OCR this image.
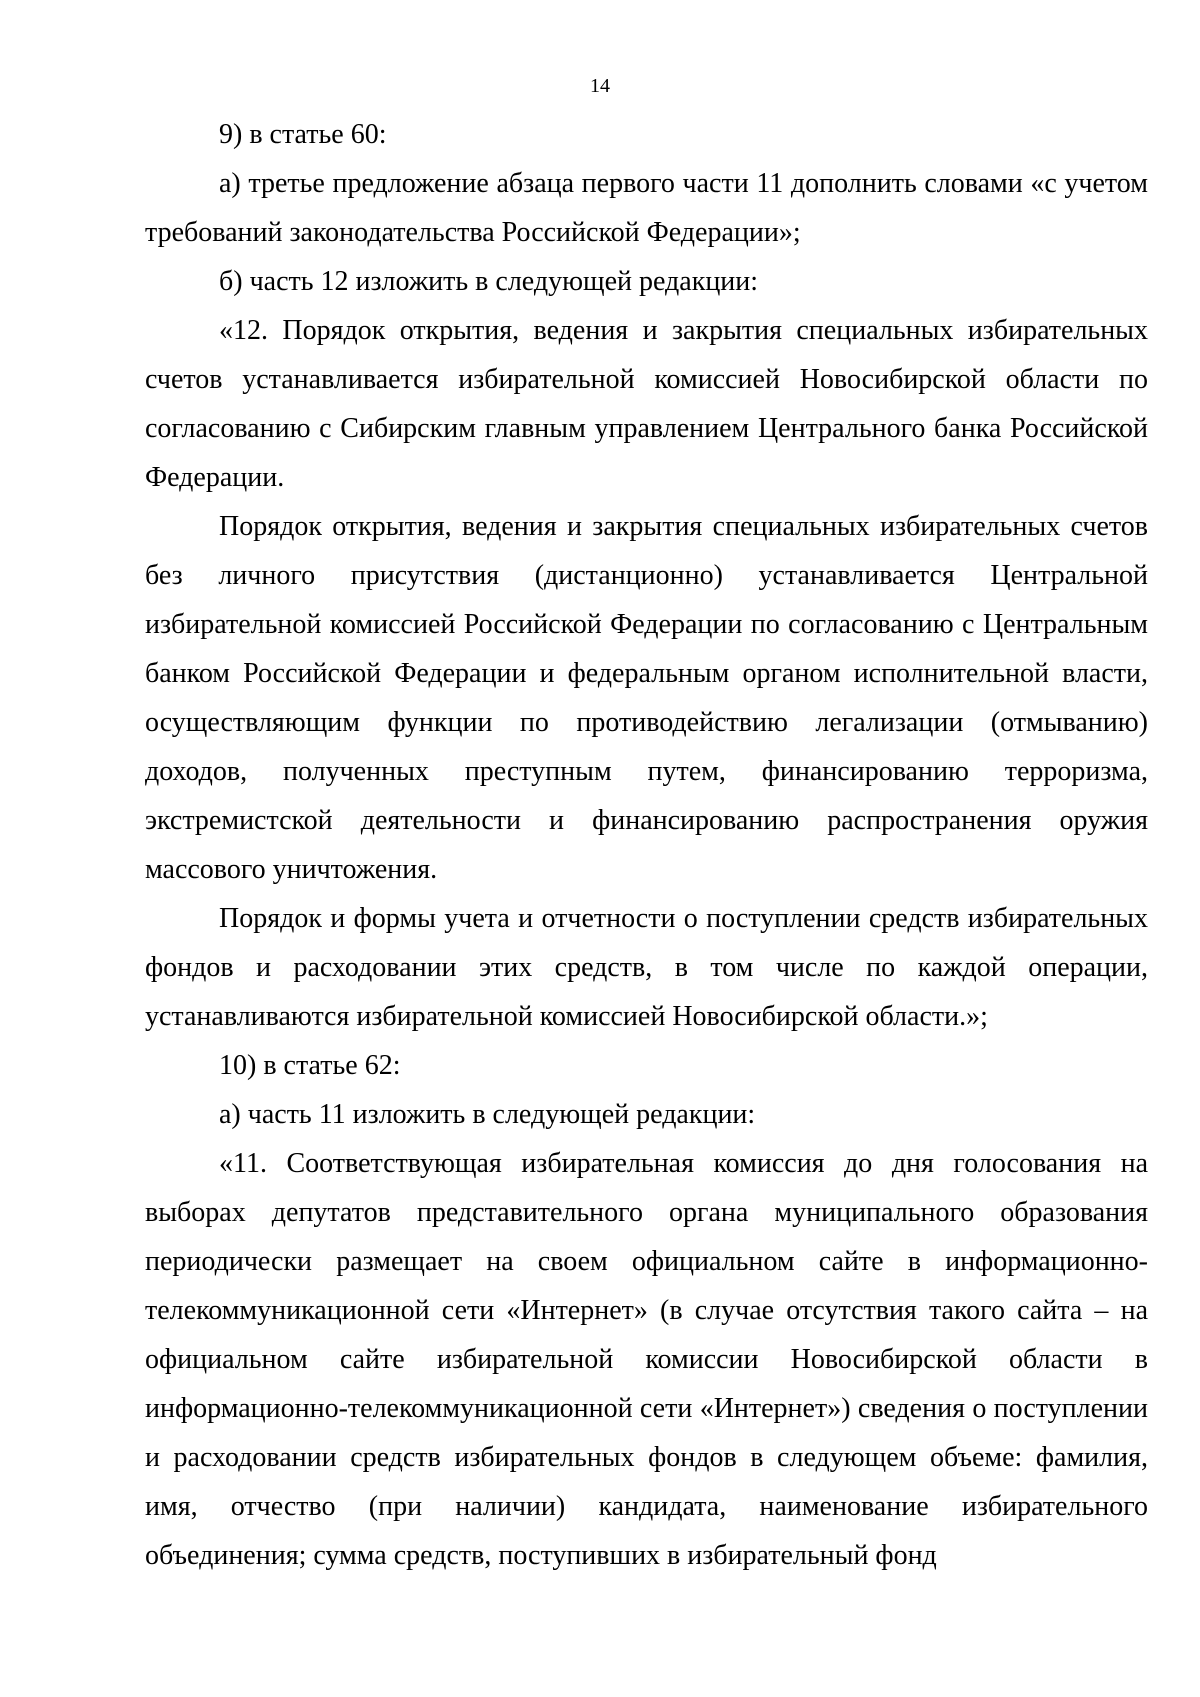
14

9) в статье 60:

а) третье предложение абзаца первого части 11 дополнить словами «с учетом требований законодательства Российской Федерации»;

б) часть 12 изложить в следующей редакции:

«12. Порядок открытия, ведения и закрытия специальных избирательных счетов устанавливается избирательной комиссией Новосибирской области по согласованию с Сибирским главным управлением Центрального банка Российской Федерации.

Порядок открытия, ведения и закрытия специальных избирательных счетов без личного присутствия (дистанционно) устанавливается Центральной избирательной комиссией Российской Федерации по согласованию с Центральным банком Российской Федерации и федеральным органом исполнительной власти, осуществляющим функции по противодействию легализации (отмыванию) доходов, полученных преступным путем, финансированию терроризма, экстремистской деятельности и финансированию распространения оружия массового уничтожения.

Порядок и формы учета и отчетности о поступлении средств избирательных фондов и расходовании этих средств, в том числе по каждой операции, устанавливаются избирательной комиссией Новосибирской области.»;

10) в статье 62:

а) часть 11 изложить в следующей редакции:

«11. Соответствующая избирательная комиссия до дня голосования на выборах депутатов представительного органа муниципального образования периодически размещает на своем официальном сайте в информационно-телекоммуникационной сети «Интернет» (в случае отсутствия такого сайта – на официальном сайте избирательной комиссии Новосибирской области в информационно-телекоммуникационной сети «Интернет») сведения о поступлении и расходовании средств избирательных фондов в следующем объеме: фамилия, имя, отчество (при наличии) кандидата, наименование избирательного объединения; сумма средств, поступивших в избирательный фонд
